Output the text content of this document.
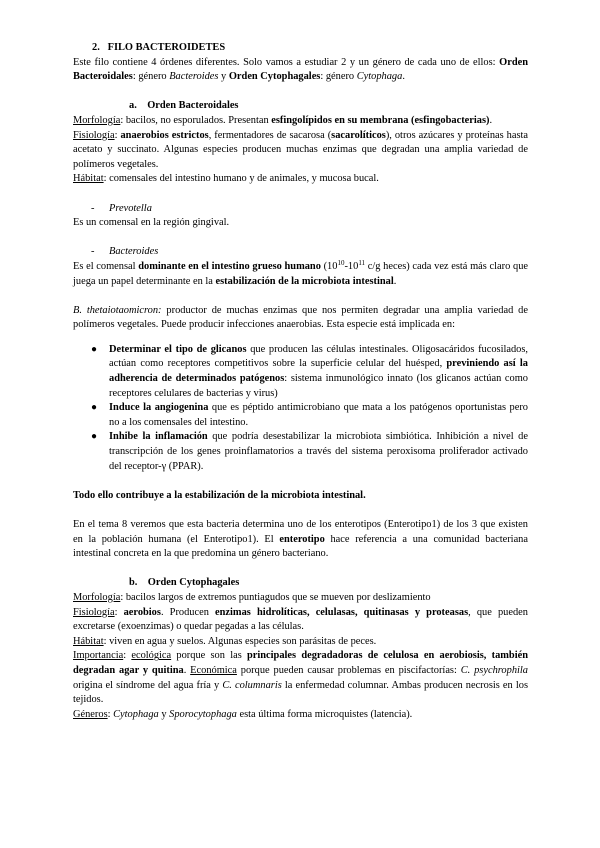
2. FILO BACTEROIDETES

Este filo contiene 4 órdenes diferentes. Solo vamos a estudiar 2 y un género de cada uno de ellos: Orden Bacteroidales: género Bacteroides y Orden Cytophagales: género Cytophaga.

a. Orden Bacteroidales

Morfología: bacilos, no esporulados. Presentan esfingolípidos en su membrana (esfingobacterias).

Fisiología: anaerobios estrictos, fermentadores de sacarosa (sacarolíticos), otros azúcares y proteínas hasta acetato y succinato. Algunas especies producen muchas enzimas que degradan una amplia variedad de polímeros vegetales.

Hábitat: comensales del intestino humano y de animales, y mucosa bucal.

-	Prevotella

Es un comensal en la región gingival.

-	Bacteroides

Es el comensal dominante en el intestino grueso humano ($10^{10}-10^{11}$ c/g heces) cada vez está más claro que juega un papel determinante en la estabilización de la microbiota intestinal.

B. thetaiotaomicron: productor de muchas enzimas que nos permiten degradar una amplia variedad de polímeros vegetales. Puede producir infecciones anaerobias. Esta especie está implicada en:

●	Determinar el tipo de glicanos que producen las células intestinales. Oligosacáridos fucosilados, actúan como receptores competitivos sobre la superficie celular del huésped, previniendo así la adherencia de determinados patógenos: sistema inmunológico innato (los glicanos actúan como receptores celulares de bacterias y virus)
●	Induce la angiogenina que es péptido antimicrobiano que mata a los patógenos oportunistas pero no a los comensales del intestino.
●	Inhibe la inflamación que podría desestabilizar la microbiota simbiótica. Inhibición a nivel de transcripción de los genes proinflamatorios a través del sistema peroxisoma proliferador activado del receptor-γ (PPAR).

Todo ello contribuye a la estabilización de la microbiota intestinal.

En el tema 8 veremos que esta bacteria determina uno de los enterotipos (Enterotipo1) de los 3 que existen en la población humana (el Enterotipo1). El enterotipo hace referencia a una comunidad bacteriana intestinal concreta en la que predomina un género bacteriano.

b. Orden Cytophagales

Morfología: bacilos largos de extremos puntiagudos que se mueven por deslizamiento

Fisiología: aerobios. Producen enzimas hidrolíticas, celulasas, quitinasas y proteasas, que pueden excretarse (exoenzimas) o quedar pegadas a las células.

Hábitat: viven en agua y suelos. Algunas especies son parásitas de peces.

Importancia: ecológica porque son las principales degradadoras de celulosa en aerobiosis, también degradan agar y quitina. Económica porque pueden causar problemas en piscifactorías: C. psychrophila origina el síndrome del agua fría y C. columnaris la enfermedad columnar. Ambas producen necrosis en los tejidos.

Géneros: Cytophaga y Sporocytophaga esta última forma microquistes (latencia).
